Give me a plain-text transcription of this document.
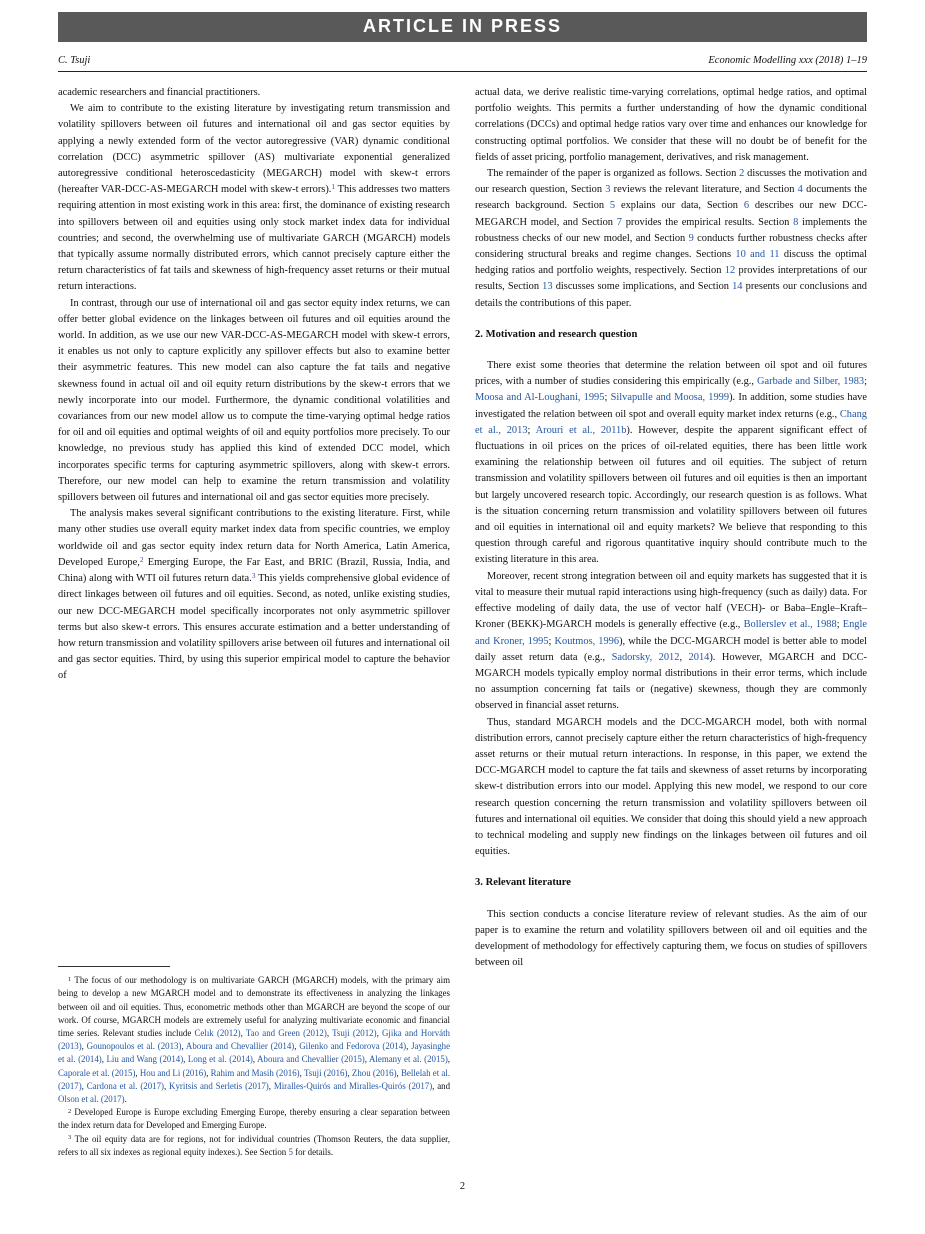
ARTICLE IN PRESS
C. Tsuji	Economic Modelling xxx (2018) 1–19

academic researchers and financial practitioners.

We aim to contribute to the existing literature by investigating return transmission and volatility spillovers between oil futures and international oil and gas sector equities by applying a newly extended form of the vector autoregressive (VAR) dynamic conditional correlation (DCC) asymmetric spillover (AS) multivariate exponential generalized autoregressive conditional heteroscedasticity (MEGARCH) model with skew-t errors (hereafter VAR-DCC-AS-MEGARCH model with skew-t errors).$^1$ This addresses two matters requiring attention in most existing work in this area: first, the dominance of existing research into spillovers between oil and equities using only stock market index data for individual countries; and second, the overwhelming use of multivariate GARCH (MGARCH) models that typically assume normally distributed errors, which cannot precisely capture either the return characteristics of fat tails and skewness of high-frequency asset returns or their mutual return interactions.

In contrast, through our use of international oil and gas sector equity index returns, we can offer better global evidence on the linkages between oil futures and oil equities around the world. In addition, as we use our new VAR-DCC-AS-MEGARCH model with skew-t errors, it enables us not only to capture explicitly any spillover effects but also to examine better their asymmetric features. This new model can also capture the fat tails and negative skewness found in actual oil and oil equity return distributions by the skew-t errors that we newly incorporate into our model. Furthermore, the dynamic conditional volatilities and covariances from our new model allow us to compute the time-varying optimal hedge ratios for oil and oil equities and optimal weights of oil and equity portfolios more precisely. To our knowledge, no previous study has applied this kind of extended DCC model, which incorporates specific terms for capturing asymmetric spillovers, along with skew-t errors. Therefore, our new model can help to examine the return transmission and volatility spillovers between oil futures and international oil and gas sector equities more precisely.

The analysis makes several significant contributions to the existing literature. First, while many other studies use overall equity market index data from specific countries, we employ worldwide oil and gas sector equity index return data for North America, Latin America, Developed Europe,$^2$ Emerging Europe, the Far East, and BRIC (Brazil, Russia, India, and China) along with WTI oil futures return data.$^3$ This yields comprehensive global evidence of direct linkages between oil futures and oil equities. Second, as noted, unlike existing studies, our new DCC-MEGARCH model specifically incorporates not only asymmetric spillover terms but also skew-t errors. This ensures accurate estimation and a better understanding of how return transmission and volatility spillovers arise between oil futures and international oil and gas sector equities. Third, by using this superior empirical model to capture the behavior of

$^1$ The focus of our methodology is on multivariate GARCH (MGARCH) models, with the primary aim being to develop a new MGARCH model and to demonstrate its effectiveness in analyzing the linkages between oil and oil equities. Thus, econometric methods other than MGARCH are beyond the scope of our work. Of course, MGARCH models are extremely useful for analyzing multivariate economic and financial time series. Relevant studies include Celık (2012), Tao and Green (2012), Tsuji (2012), Gjika and Horváth (2013), Gounopoulos et al. (2013), Aboura and Chevallier (2014), Gilenko and Fedorova (2014), Jayasinghe et al. (2014), Liu and Wang (2014), Long et al. (2014), Aboura and Chevallier (2015), Alemany et al. (2015), Caporale et al. (2015), Hou and Li (2016), Rahim and Masih (2016), Tsuji (2016), Zhou (2016), Bellelah et al. (2017), Cardona et al. (2017), Kyritsis and Serletis (2017), Miralles-Quirós and Miralles-Quirós (2017), and Olson et al. (2017).

$^2$ Developed Europe is Europe excluding Emerging Europe, thereby ensuring a clear separation between the index return data for Developed and Emerging Europe.

$^3$ The oil equity data are for regions, not for individual countries (Thomson Reuters, the data supplier, refers to all six indexes as regional equity indexes.). See Section 5 for details.

actual data, we derive realistic time-varying correlations, optimal hedge ratios, and optimal portfolio weights. This permits a further understanding of how the dynamic conditional correlations (DCCs) and optimal hedge ratios vary over time and enhances our knowledge for constructing optimal portfolios. We consider that these will no doubt be of benefit for the fields of asset pricing, portfolio management, derivatives, and risk management.

The remainder of the paper is organized as follows. Section 2 discusses the motivation and our research question, Section 3 reviews the relevant literature, and Section 4 documents the research background. Section 5 explains our data, Section 6 describes our new DCC-MEGARCH model, and Section 7 provides the empirical results. Section 8 implements the robustness checks of our new model, and Section 9 conducts further robustness checks after considering structural breaks and regime changes. Sections 10 and 11 discuss the optimal hedging ratios and portfolio weights, respectively. Section 12 provides interpretations of our results, Section 13 discusses some implications, and Section 14 presents our conclusions and details the contributions of this paper.

2. Motivation and research question

There exist some theories that determine the relation between oil spot and oil futures prices, with a number of studies considering this empirically (e.g., Garbade and Silber, 1983; Moosa and Al-Loughani, 1995; Silvapulle and Moosa, 1999). In addition, some studies have investigated the relation between oil spot and overall equity market index returns (e.g., Chang et al., 2013; Arouri et al., 2011b). However, despite the apparent significant effect of fluctuations in oil prices on the prices of oil-related equities, there has been little work examining the relationship between oil futures and oil equities. The subject of return transmission and volatility spillovers between oil futures and oil equities is then an important but largely uncovered research topic. Accordingly, our research question is as follows. What is the situation concerning return transmission and volatility spillovers between oil futures and oil equities in international oil and equity markets? We believe that responding to this question through careful and rigorous quantitative inquiry should contribute much to the existing literature in this area.

Moreover, recent strong integration between oil and equity markets has suggested that it is vital to measure their mutual rapid interactions using high-frequency (such as daily) data. For effective modeling of daily data, the use of vector half (VECH)- or Baba–Engle–Kraft–Kroner (BEKK)-MGARCH models is generally effective (e.g., Bollerslev et al., 1988; Engle and Kroner, 1995; Koutmos, 1996), while the DCC-MGARCH model is better able to model daily asset return data (e.g., Sadorsky, 2012, 2014). However, MGARCH and DCC-MGARCH models typically employ normal distributions in their error terms, which include no assumption concerning fat tails or (negative) skewness, though they are commonly observed in financial asset returns.

Thus, standard MGARCH models and the DCC-MGARCH model, both with normal distribution errors, cannot precisely capture either the return characteristics of high-frequency asset returns or their mutual return interactions. In response, in this paper, we extend the DCC-MGARCH model to capture the fat tails and skewness of asset returns by incorporating skew-t distribution errors into our model. Applying this new model, we respond to our core research question concerning the return transmission and volatility spillovers between oil futures and international oil equities. We consider that doing this should yield a new approach to technical modeling and supply new findings on the linkages between oil futures and oil equities.

3. Relevant literature

This section conducts a concise literature review of relevant studies. As the aim of our paper is to examine the return and volatility spillovers between oil and oil equities and the development of methodology for effectively capturing them, we focus on studies of spillovers between oil

2
